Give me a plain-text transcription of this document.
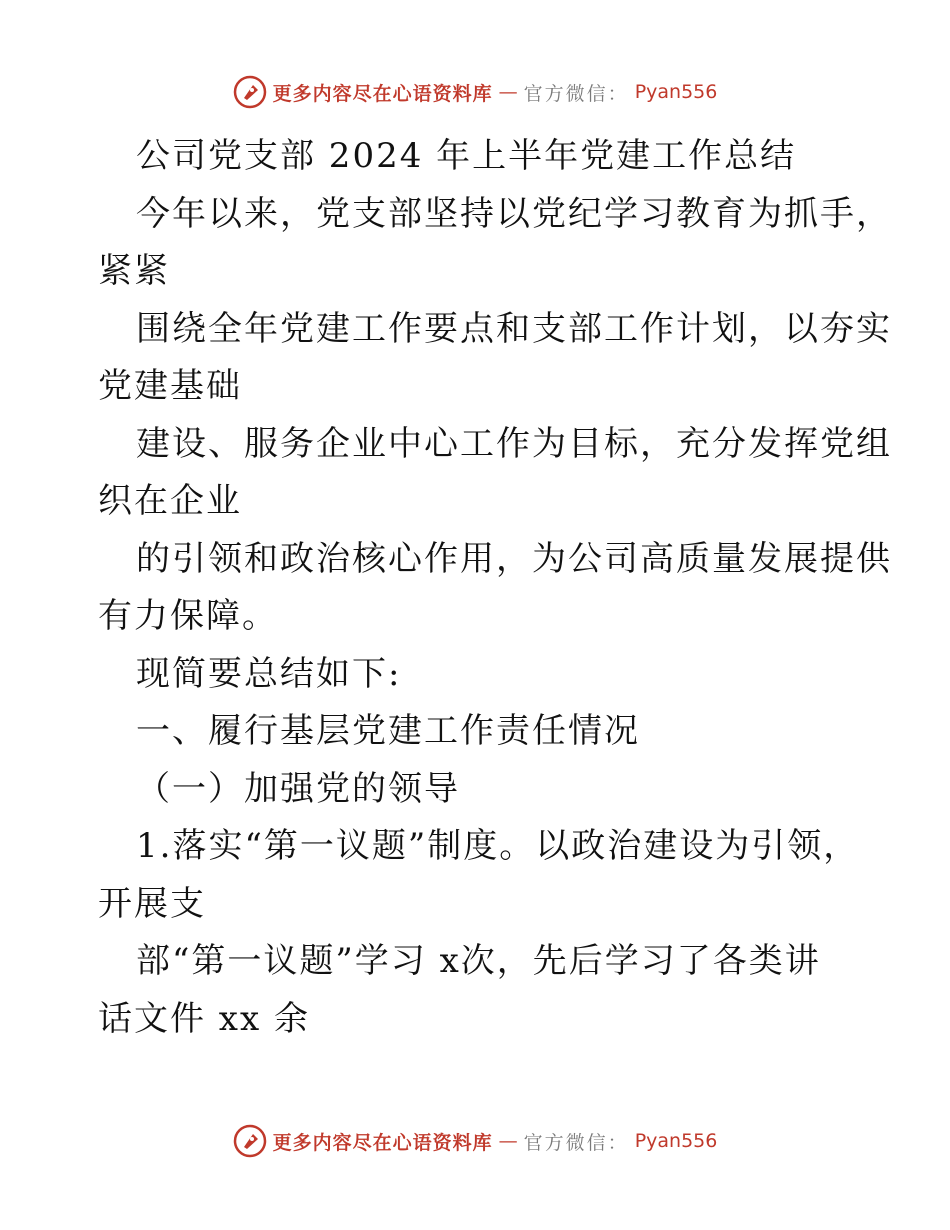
更多内容尽在心语资料库 — 官方微信： Pyan556
公司党支部 2024 年上半年党建工作总结
今年以来，党支部坚持以党纪学习教育为抓手，
紧紧
围绕全年党建工作要点和支部工作计划，以夯实
党建基础
建设、服务企业中心工作为目标，充分发挥党组
织在企业
的引领和政治核心作用，为公司高质量发展提供
有力保障。
现简要总结如下:
一、履行基层党建工作责任情况
（一）加强党的领导
1.落实“第一议题”制度。以政治建设为引领，
开展支
部“第一议题”学习 x次，先后学习了各类讲
话文件 xx 余
更多内容尽在心语资料库 — 官方微信： Pyan556
